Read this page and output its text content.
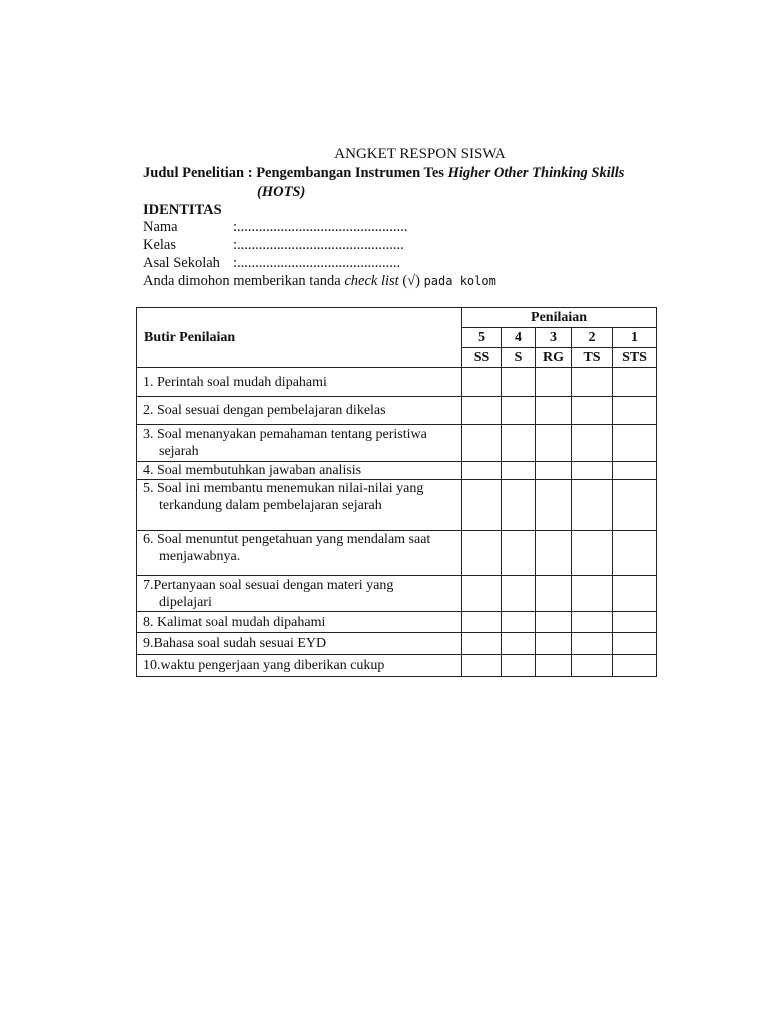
ANGKET RESPON SISWA
Judul Penelitian : Pengembangan Instrumen Tes Higher Other Thinking Skills
(HOTS)
IDENTITAS
Nama	:...............................................
Kelas	:..............................................
Asal Sekolah :.............................................
Anda dimohon memberikan tanda check list (√) pada kolom
Butir Penilaian	Penilaian				
	5	4	3	2	1
	SS	S	RG	TS	STS

1. Perintah soal mudah dipahami					

2. Soal sesuai dengan pembelajaran dikelas					

3. Soal menanyakan pemahaman tentang peristiwa
sejarah					

4. Soal membutuhkan jawaban analisis					

5. Soal ini membantu menemukan nilai-nilai yang
terkandung dalam pembelajaran sejarah					

6. Soal menuntut pengetahuan yang mendalam saat
menjawabnya.					

7.Pertanyaan soal sesuai dengan materi yang
dipelajari					

8. Kalimat soal mudah dipahami					

9.Bahasa soal sudah sesuai EYD					

10.waktu pengerjaan yang diberikan cukup					
